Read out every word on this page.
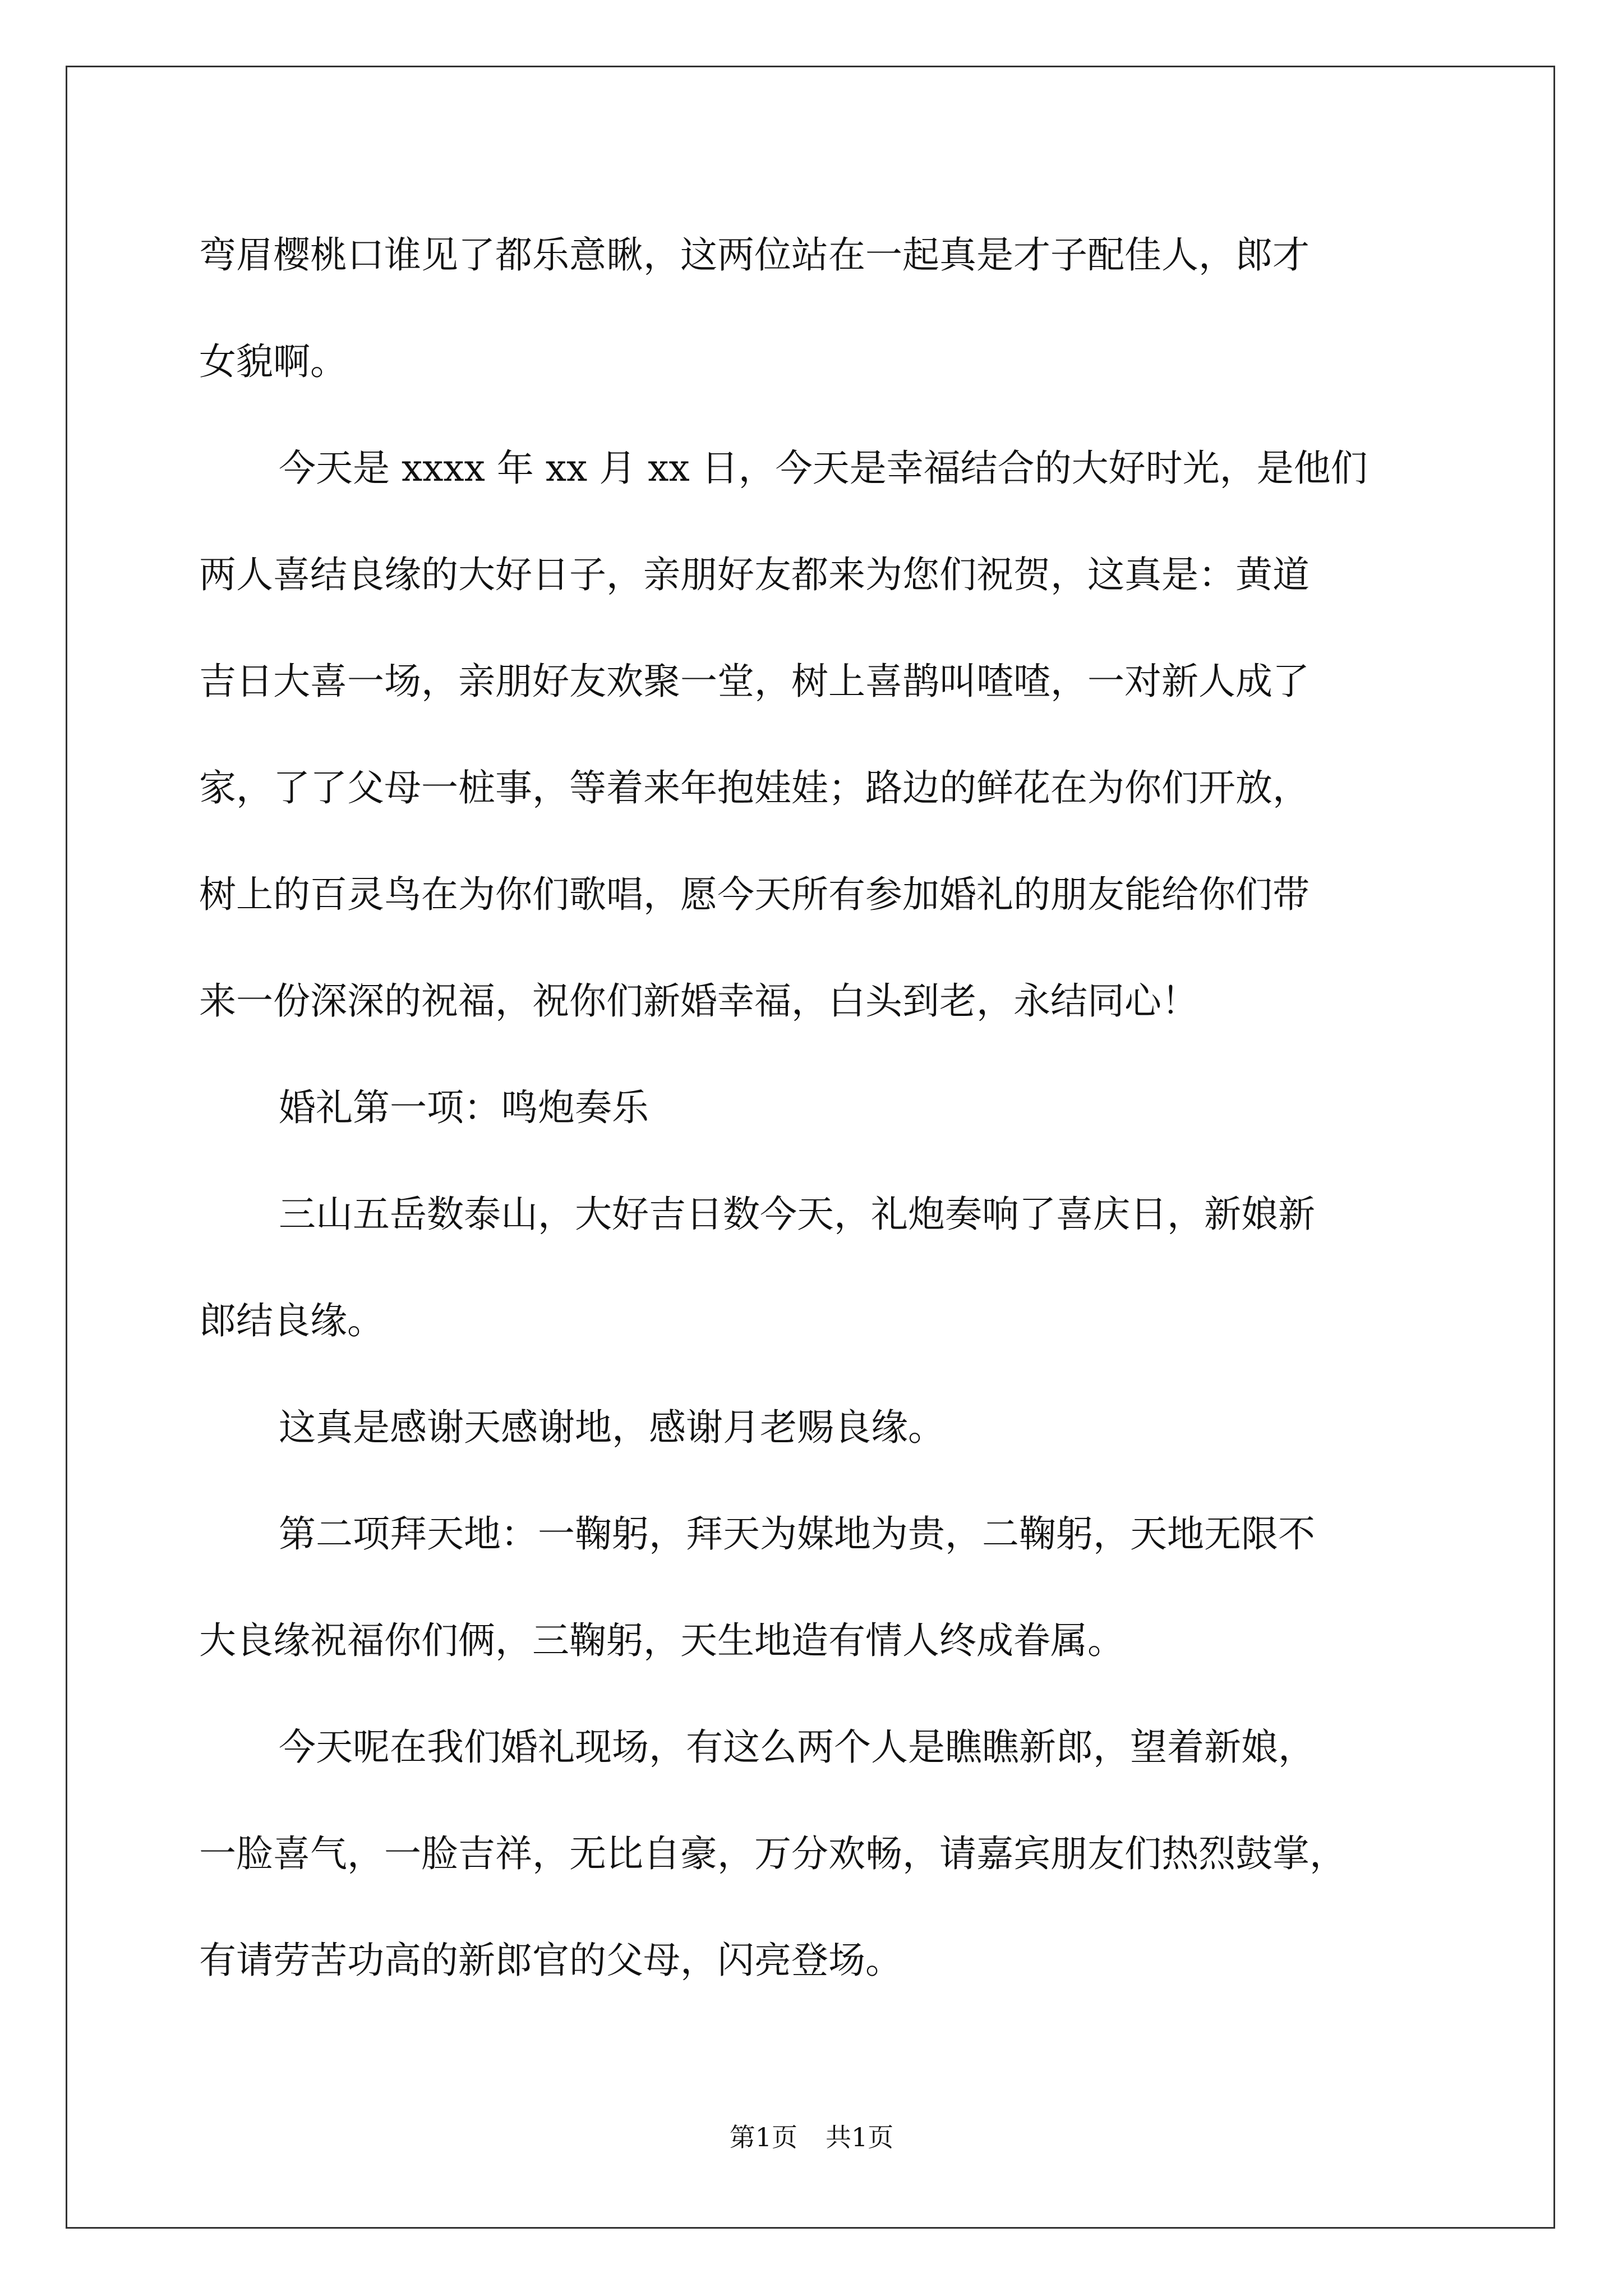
弯眉樱桃口谁见了都乐意瞅，这两位站在一起真是才子配佳人，郎才
女貌啊。
今天是 xxxx 年 xx 月 xx 日，今天是幸福结合的大好时光，是他们
两人喜结良缘的大好日子，亲朋好友都来为您们祝贺，这真是：黄道
吉日大喜一场，亲朋好友欢聚一堂，树上喜鹊叫喳喳，一对新人成了
家，了了父母一桩事，等着来年抱娃娃；路边的鲜花在为你们开放，
树上的百灵鸟在为你们歌唱，愿今天所有参加婚礼的朋友能给你们带
来一份深深的祝福，祝你们新婚幸福，白头到老，永结同心！
婚礼第一项：鸣炮奏乐
三山五岳数泰山，大好吉日数今天，礼炮奏响了喜庆日，新娘新
郎结良缘。
这真是感谢天感谢地，感谢月老赐良缘。
第二项拜天地：一鞠躬，拜天为媒地为贵，二鞠躬，天地无限不
大良缘祝福你们俩，三鞠躬，天生地造有情人终成眷属。
今天呢在我们婚礼现场，有这么两个人是瞧瞧新郎，望着新娘，
一脸喜气，一脸吉祥，无比自豪，万分欢畅，请嘉宾朋友们热烈鼓掌，
有请劳苦功高的新郎官的父母，闪亮登场。
第1页 共1页
